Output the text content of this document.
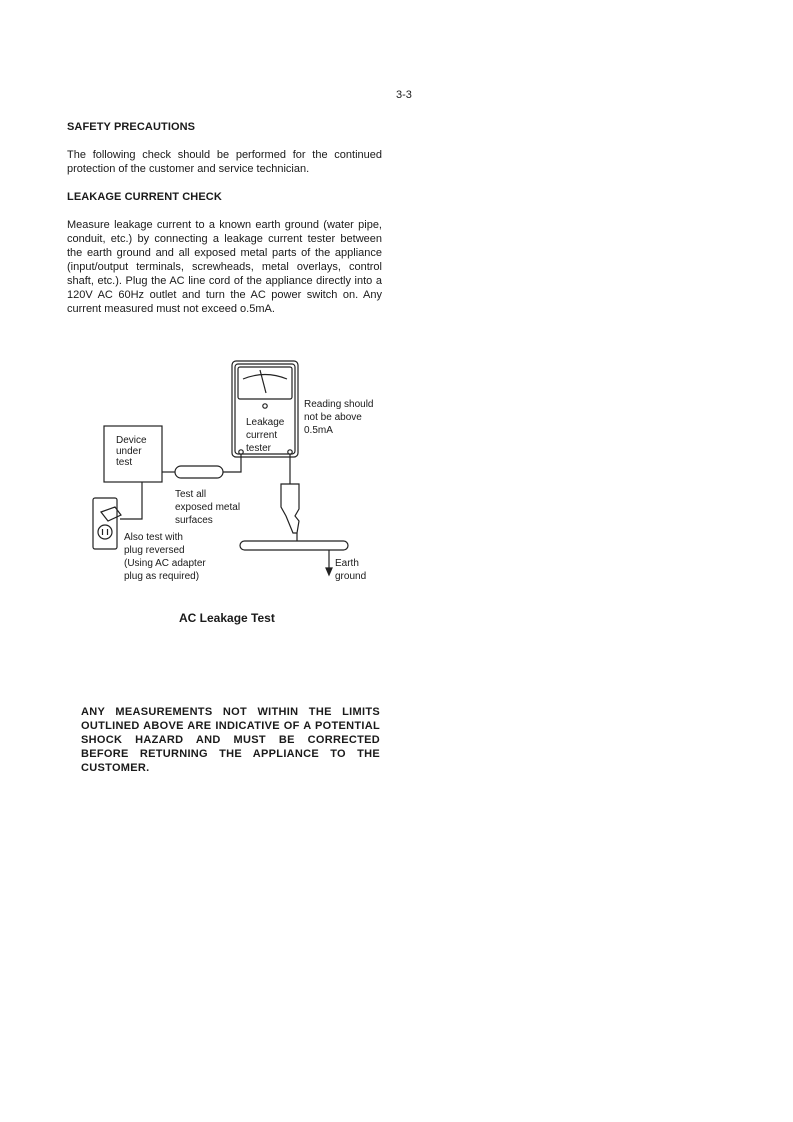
3-3
SAFETY PRECAUTIONS
The following check should be performed for the continued protection of the customer and service technician.
LEAKAGE CURRENT CHECK
Measure leakage current to a known earth ground (water pipe, conduit, etc.) by connecting a leakage current tester between the earth ground and all exposed metal parts of the appliance (input/output terminals, screwheads, metal overlays, control shaft, etc.). Plug the AC line cord of the appliance directly into a 120V AC 60Hz outlet and turn the AC power switch on. Any current measured must not exceed o.5mA.
Device
under
test
Leakage
current
tester
Reading should
not be above
0.5mA
Test all
exposed metal
surfaces
Also test with
plug reversed
(Using AC adapter
plug as required)
Earth
ground
AC Leakage Test
ANY MEASUREMENTS NOT WITHIN THE LIMITS OUTLINED ABOVE ARE INDICATIVE OF A POTENTIAL SHOCK HAZARD AND MUST BE CORRECTED BEFORE RETURNING THE APPLIANCE TO THE CUSTOMER.
